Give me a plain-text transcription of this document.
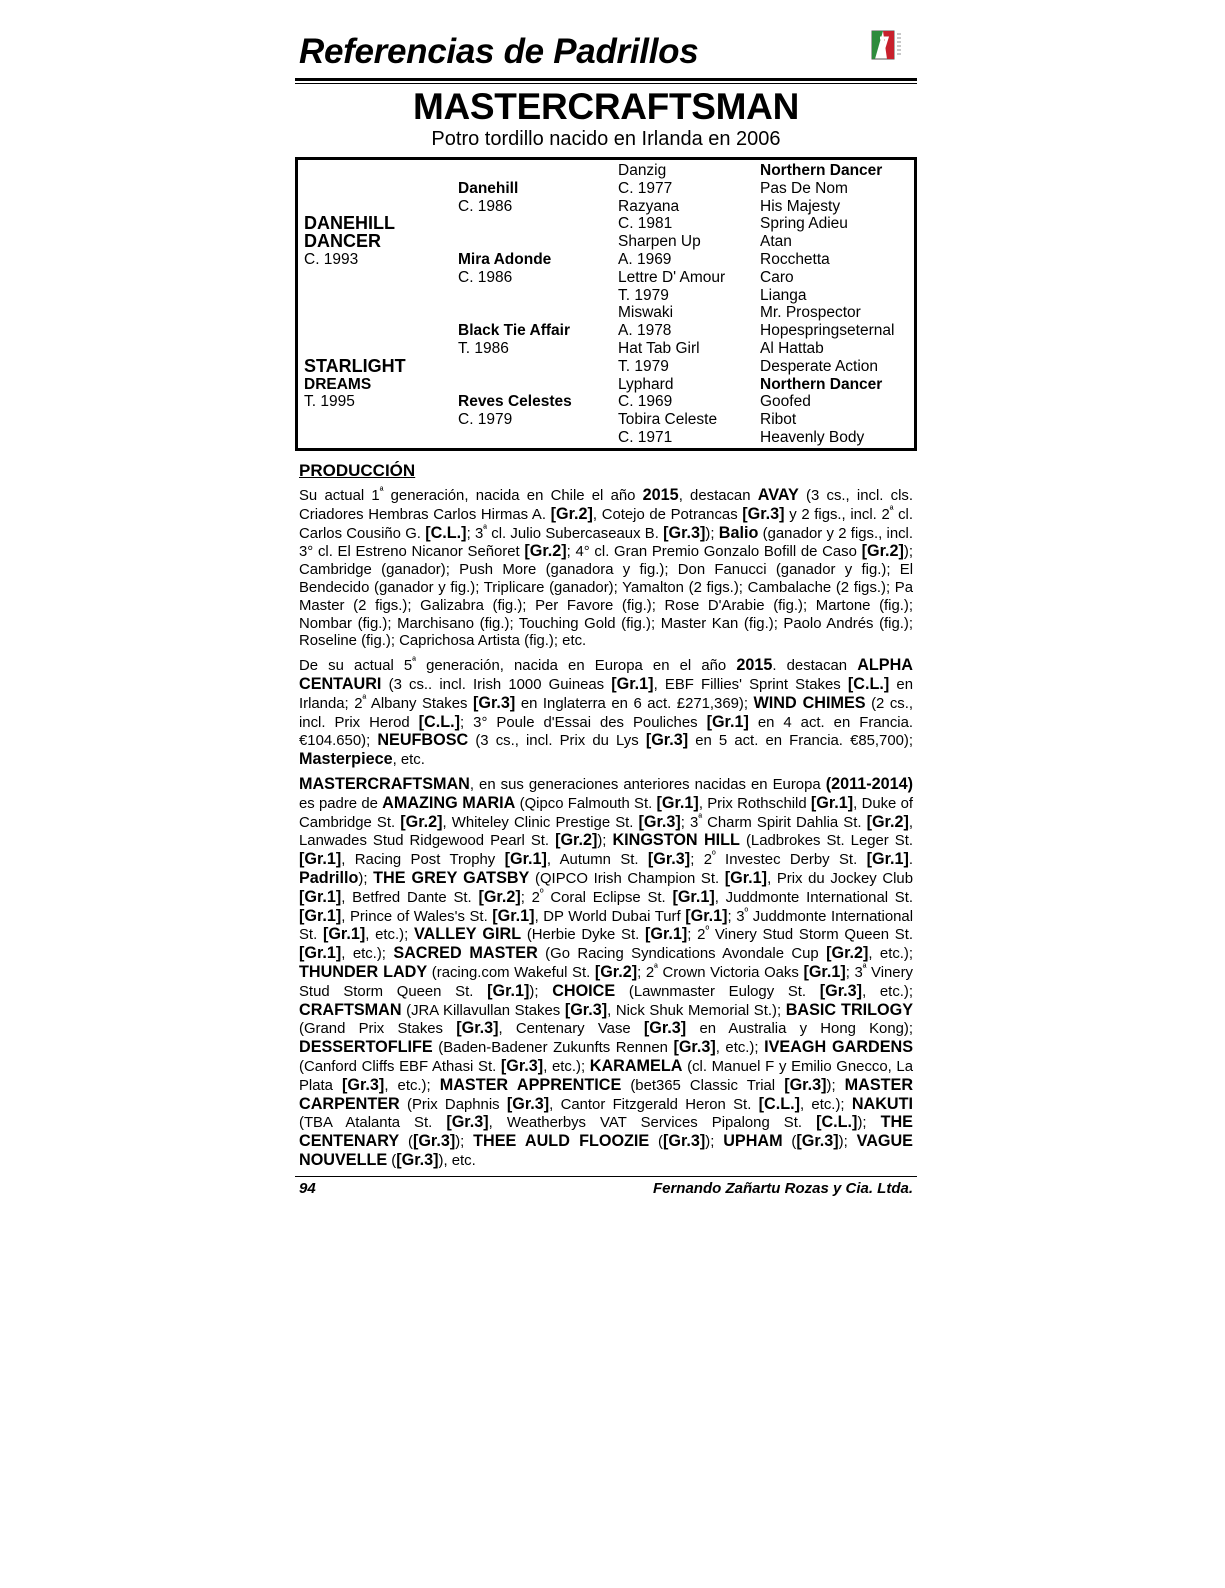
Referencias de Padrillos
MASTERCRAFTSMAN
Potro tordillo nacido en Irlanda en 2006
DANEHILL
DANCER
C. 1993
STARLIGHT
DREAMS
T. 1995
Danehill
C. 1986
Mira Adonde
C. 1986
Black Tie Affair
T. 1986
Reves Celestes
C. 1979
Danzig
C. 1977
Razyana
C. 1981
Sharpen Up
A. 1969
Lettre D' Amour
T. 1979
Miswaki
A. 1978
Hat Tab Girl
T. 1979
Lyphard
C. 1969
Tobira Celeste
C. 1971
Northern Dancer
Pas De Nom
His Majesty
Spring Adieu
Atan
Rocchetta
Caro
Lianga
Mr. Prospector
Hopespringseternal
Al Hattab
Desperate Action
Northern Dancer
Goofed
Ribot
Heavenly Body
PRODUCCIÓN

Su actual $1^ª$ generación, nacida en Chile el año 2015, destacan AVAY (3 cs., incl. cls. Criadores Hembras Carlos Hirmas A. [Gr.2], Cotejo de Potrancas [Gr.3] y 2 figs., incl. $2^ª$ cl. Carlos Cousiño G. [C.L.]; $3^ª$ cl. Julio Subercaseaux B. [Gr.3]); Balio (ganador y 2 figs., incl. 3° cl. El Estreno Nicanor Señoret [Gr.2]; 4° cl. Gran Premio Gonzalo Bofill de Caso [Gr.2]); Cambridge (ganador); Push More (ganadora y fig.); Don Fanucci (ganador y fig.); El Bendecido (ganador y fig.); Triplicare (ganador); Yamalton (2 figs.); Cambalache (2 figs.); Pa Master (2 figs.); Galizabra (fig.); Per Favore (fig.); Rose D'Arabie (fig.); Martone (fig.); Nombar (fig.); Marchisano (fig.); Touching Gold (fig.); Master Kan (fig.); Paolo Andrés (fig.); Roseline (fig.); Caprichosa Artista (fig.); etc.

De su actual $5^ª$ generación, nacida en Europa en el año 2015. destacan ALPHA CENTAURI (3 cs.. incl. Irish 1000 Guineas [Gr.1], EBF Fillies' Sprint Stakes [C.L.] en Irlanda; $2^ª$ Albany Stakes [Gr.3] en Inglaterra en 6 act. £271,369); WIND CHIMES (2 cs., incl. Prix Herod [C.L.]; 3° Poule d'Essai des Pouliches [Gr.1] en 4 act. en Francia. €104.650); NEUFBOSC (3 cs., incl. Prix du Lys [Gr.3] en 5 act. en Francia. €85,700); Masterpiece, etc.

MASTERCRAFTSMAN, en sus generaciones anteriores nacidas en Europa (2011-2014) es padre de AMAZING MARIA (Qipco Falmouth St. [Gr.1], Prix Rothschild [Gr.1], Duke of Cambridge St. [Gr.2], Whiteley Clinic Prestige St. [Gr.3]; $3^ª$ Charm Spirit Dahlia St. [Gr.2], Lanwades Stud Ridgewood Pearl St. [Gr.2]); KINGSTON HILL (Ladbrokes St. Leger St. [Gr.1], Racing Post Trophy [Gr.1], Autumn St. [Gr.3]; $2^º$ Investec Derby St. [Gr.1]. Padrillo); THE GREY GATSBY (QIPCO Irish Champion St. [Gr.1], Prix du Jockey Club [Gr.1], Betfred Dante St. [Gr.2]; $2^º$ Coral Eclipse St. [Gr.1], Juddmonte International St. [Gr.1], Prince of Wales's St. [Gr.1], DP World Dubai Turf [Gr.1]; $3^º$ Juddmonte International St. [Gr.1], etc.); VALLEY GIRL (Herbie Dyke St. [Gr.1]; $2^º$ Vinery Stud Storm Queen St. [Gr.1], etc.); SACRED MASTER (Go Racing Syndications Avondale Cup [Gr.2], etc.); THUNDER LADY (racing.com Wakeful St. [Gr.2]; $2^ª$ Crown Victoria Oaks [Gr.1]; $3^ª$ Vinery Stud Storm Queen St. [Gr.1]); CHOICE (Lawnmaster Eulogy St. [Gr.3], etc.); CRAFTSMAN (JRA Killavullan Stakes [Gr.3], Nick Shuk Memorial St.); BASIC TRILOGY (Grand Prix Stakes [Gr.3], Centenary Vase [Gr.3] en Australia y Hong Kong); DESSERTOFLIFE (Baden-Badener Zukunfts Rennen [Gr.3], etc.); IVEAGH GARDENS (Canford Cliffs EBF Athasi St. [Gr.3], etc.); KARAMELA (cl. Manuel F y Emilio Gnecco, La Plata [Gr.3], etc.); MASTER APPRENTICE (bet365 Classic Trial [Gr.3]); MASTER CARPENTER (Prix Daphnis [Gr.3], Cantor Fitzgerald Heron St. [C.L.], etc.); NAKUTI (TBA Atalanta St. [Gr.3], Weatherbys VAT Services Pipalong St. [C.L.]); THE CENTENARY ([Gr.3]); THEE AULD FLOOZIE ([Gr.3]); UPHAM ([Gr.3]); VAGUE NOUVELLE ([Gr.3]), etc.

94	Fernando Zañartu Rozas y Cia. Ltda.
